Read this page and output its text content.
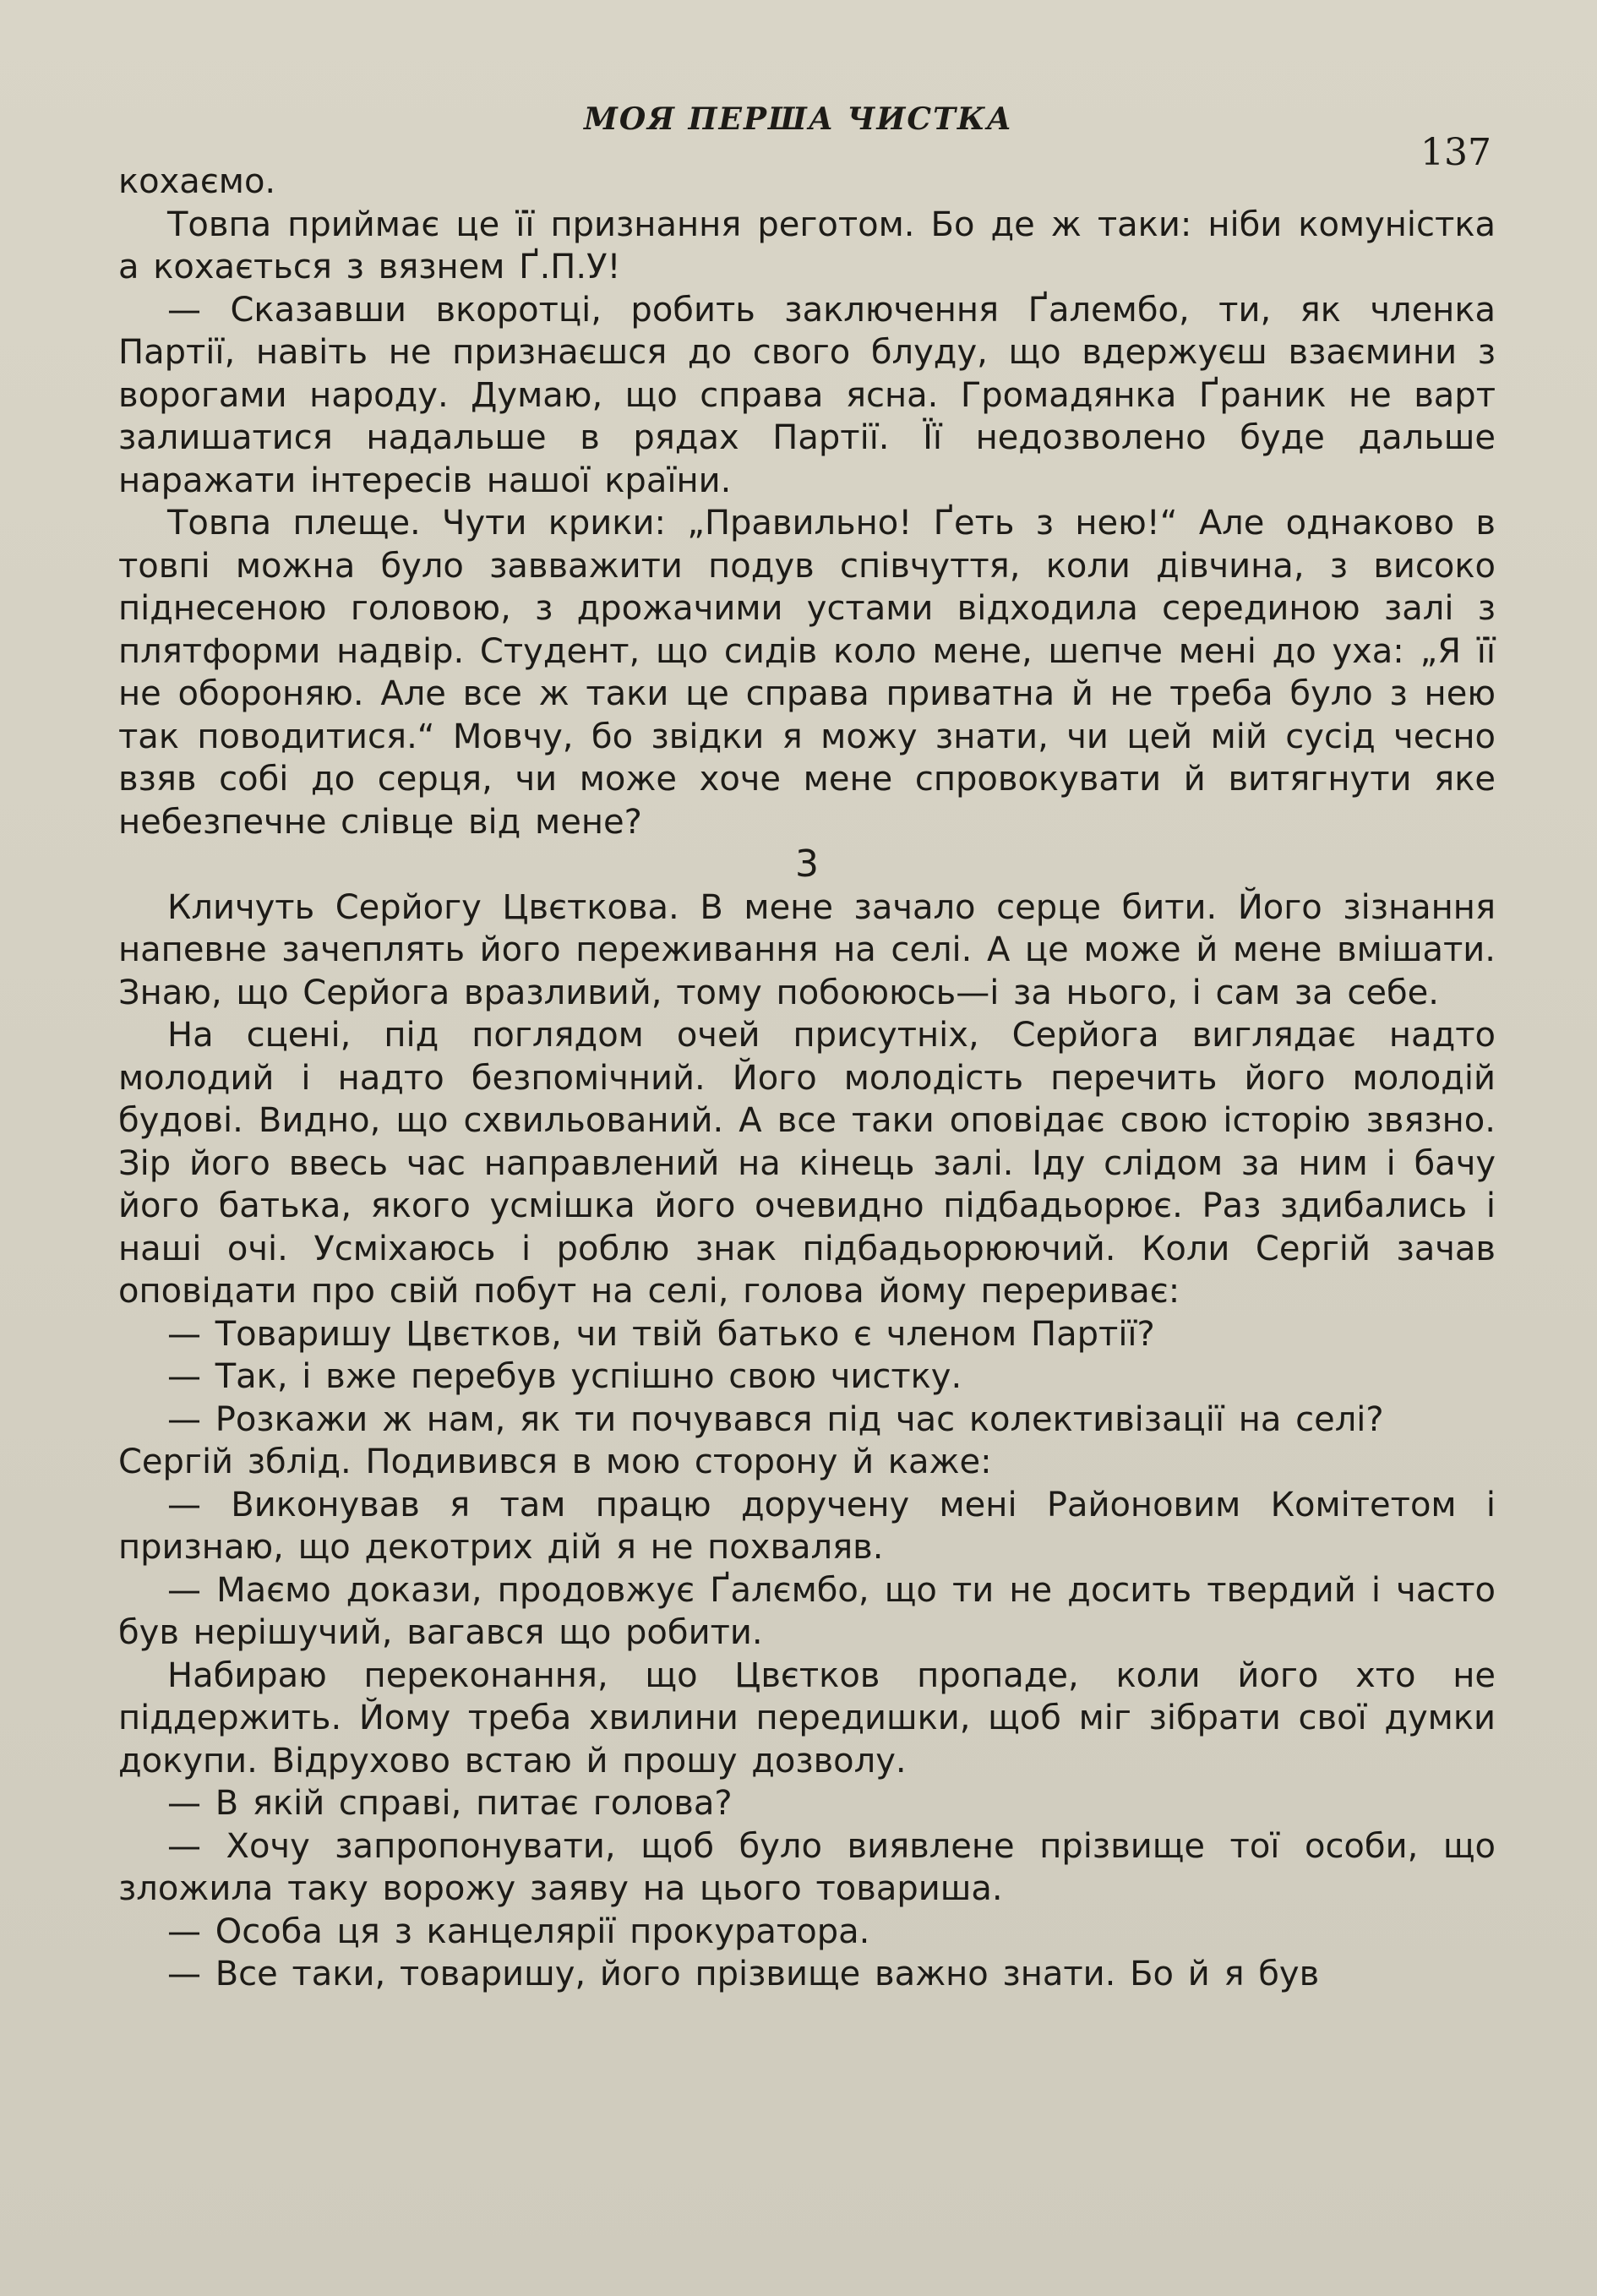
МОЯ ПЕРША ЧИСТКА
137

кохаємо.

Товпа приймає це її признання реготом. Бо де ж таки: ніби комуністка а кохається з вязнем Ґ.П.У!

— Сказавши вкоротці, робить заключення Ґалембо, ти, як членка Партії, навіть не признаєшся до свого блуду, що вдержуєш взаємини з ворогами народу. Думаю, що справа ясна. Громадянка Ґраник не варт залишатися надальше в рядах Партії. Її недозволено буде дальше наражати інтересів нашої країни.

Товпа плеще. Чути крики: „Правильно! Ґеть з нею!“ Але однаково в товпі можна було завважити подув співчуття, коли дівчина, з високо піднесеною головою, з дрожачими устами відходила серединою залі з плятформи надвір. Студент, що сидів коло мене, шепче мені до уха: „Я її не обороняю. Але все ж таки це справа приватна й не треба було з нею так поводитися.“ Мовчу, бо звідки я можу знати, чи цей мій сусід чесно взяв собі до серця, чи може хоче мене спровокувати й витягнути яке небезпечне слівце від мене?

3

Кличуть Серйогу Цвєткова. В мене зачало серце бити. Його зізнання напевне зачеплять його переживання на селі. А це може й мене вмішати. Знаю, що Серйога вразливий, тому побоююсь—і за нього, і сам за себе.

На сцені, під поглядом очей присутніх, Серйога виглядає надто молодий і надто безпомічний. Його молодість перечить його молодій будові. Видно, що схвильований. А все таки оповідає свою історію звязно. Зір його ввесь час направлений на кінець залі. Іду слідом за ним і бачу його батька, якого усмішка його очевидно підбадьорює. Раз здибались і наші очі. Усміхаюсь і роблю знак підбадьорюючий. Коли Сергій зачав оповідати про свій побут на селі, голова йому перериває:

— Товаришу Цвєтков, чи твій батько є членом Партії?

— Так, і вже перебув успішно свою чистку.

— Розкажи ж нам, як ти почувався під час колективізації на селі?

Сергій зблід. Подивився в мою сторону й каже:

— Виконував я там працю доручену мені Районовим Комітетом і признаю, що декотрих дій я не похваляв.

— Маємо докази, продовжує Ґалємбо, що ти не досить твердий і часто був нерішучий, вагався що робити.

Набираю переконання, що Цвєтков пропаде, коли його хто не піддержить. Йому треба хвилини передишки, щоб міг зібрати свої думки докупи. Відрухово встаю й прошу дозволу.

— В якій справі, питає голова?

— Хочу запропонувати, щоб було виявлене прізвище тої особи, що зложила таку ворожу заяву на цього товариша.

— Особа ця з канцелярії прокуратора.

— Все таки, товаришу, його прізвище важно знати. Бо й я був
